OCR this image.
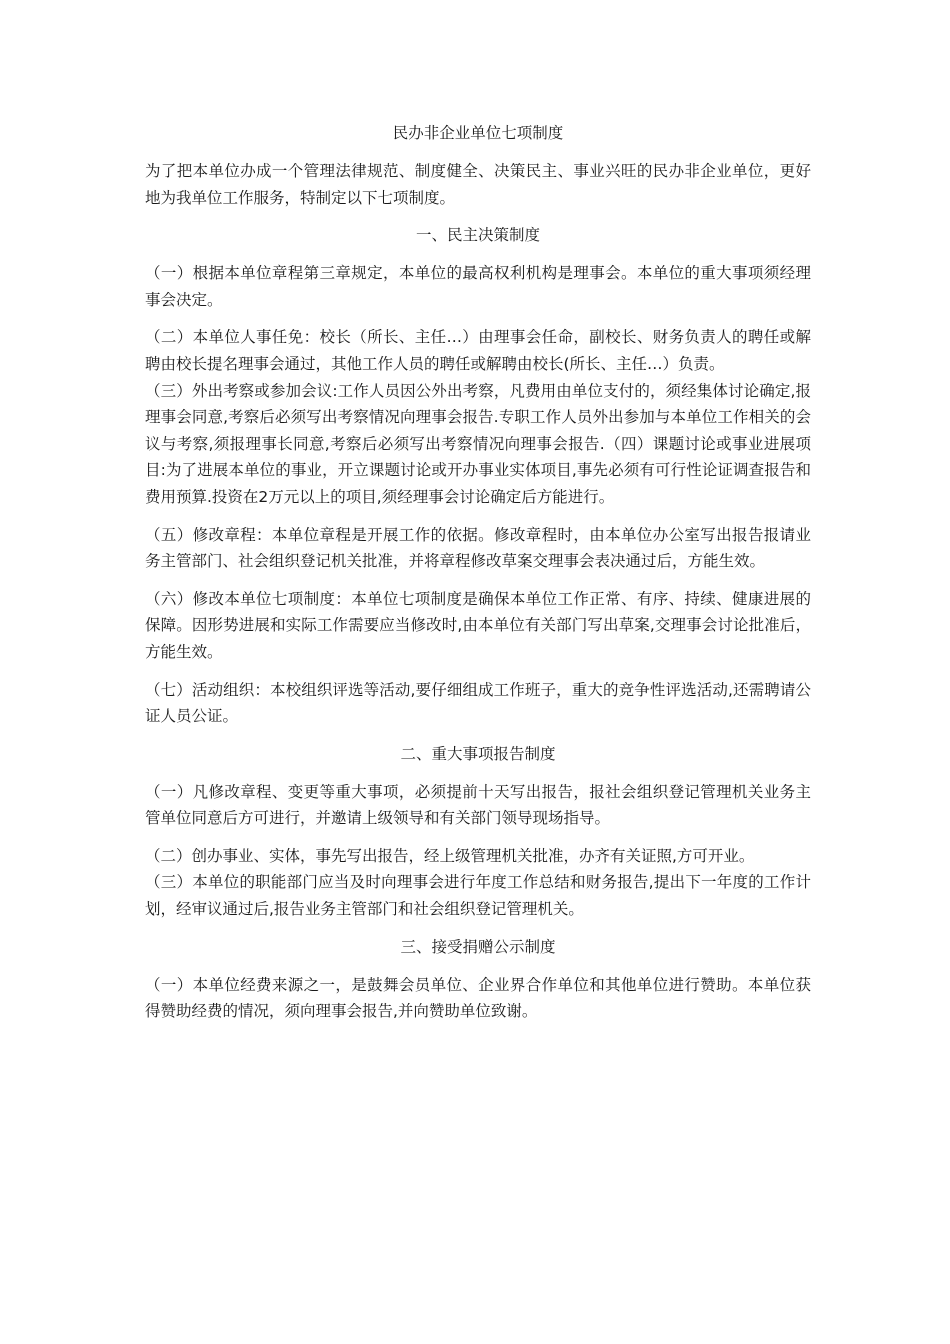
民办非企业单位七项制度

为了把本单位办成一个管理法律规范、制度健全、决策民主、事业兴旺的民办非企业单位，更好地为我单位工作服务，特制定以下七项制度。

一、民主决策制度

（一）根据本单位章程第三章规定，本单位的最高权利机构是理事会。本单位的重大事项须经理事会决定。

（二）本单位人事任免：校长（所长、主任…）由理事会任命，副校长、财务负责人的聘任或解聘由校长提名理事会通过，其他工作人员的聘任或解聘由校长(所长、主任…）负责。

（三）外出考察或参加会议:工作人员因公外出考察，凡费用由单位支付的，须经集体讨论确定,报理事会同意,考察后必须写出考察情况向理事会报告.专职工作人员外出参加与本单位工作相关的会议与考察,须报理事长同意,考察后必须写出考察情况向理事会报告.（四）课题讨论或事业进展项目:为了进展本单位的事业，开立课题讨论或开办事业实体项目,事先必须有可行性论证调查报告和费用预算.投资在2万元以上的项目,须经理事会讨论确定后方能进行。

（五）修改章程：本单位章程是开展工作的依据。修改章程时，由本单位办公室写出报告报请业务主管部门、社会组织登记机关批准，并将章程修改草案交理事会表决通过后，方能生效。

（六）修改本单位七项制度：本单位七项制度是确保本单位工作正常、有序、持续、健康进展的保障。因形势进展和实际工作需要应当修改时,由本单位有关部门写出草案,交理事会讨论批准后，方能生效。

（七）活动组织：本校组织评选等活动,要仔细组成工作班子，重大的竞争性评选活动,还需聘请公证人员公证。

二、重大事项报告制度

（一）凡修改章程、变更等重大事项，必须提前十天写出报告，报社会组织登记管理机关业务主管单位同意后方可进行，并邀请上级领导和有关部门领导现场指导。

（二）创办事业、实体，事先写出报告，经上级管理机关批准，办齐有关证照,方可开业。

（三）本单位的职能部门应当及时向理事会进行年度工作总结和财务报告,提出下一年度的工作计划，经审议通过后,报告业务主管部门和社会组织登记管理机关。

三、接受捐赠公示制度

（一）本单位经费来源之一，是鼓舞会员单位、企业界合作单位和其他单位进行赞助。本单位获得赞助经费的情况，须向理事会报告,并向赞助单位致谢。
